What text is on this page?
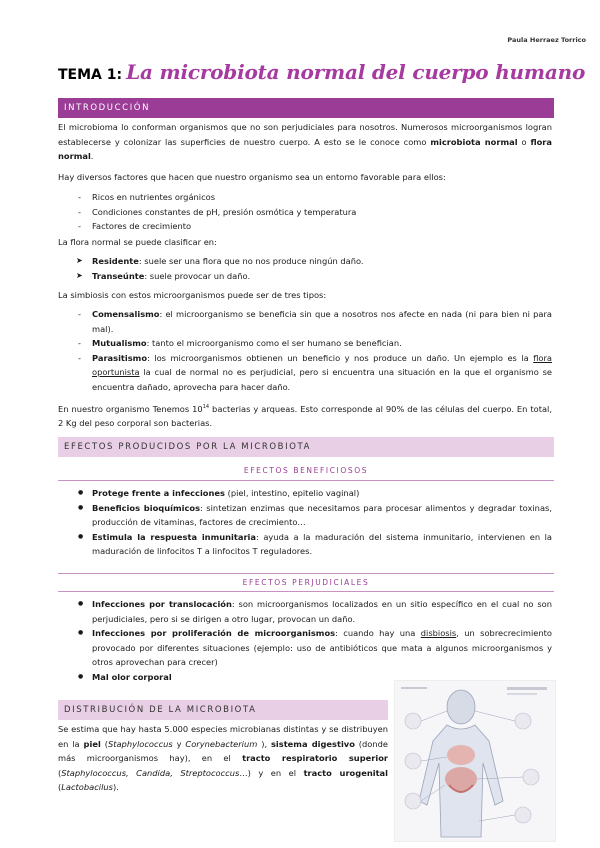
Paula Herraez Torrico
TEMA 1: La microbiota normal del cuerpo humano
INTRODUCCIÓN
El microbioma lo conforman organismos que no son perjudiciales para nosotros. Numerosos microorganismos logran establecerse y colonizar las superficies de nuestro cuerpo. A esto se le conoce como microbiota normal o flora normal.
Hay diversos factores que hacen que nuestro organismo sea un entorno favorable para ellos:
- Ricos en nutrientes orgánicos
- Condiciones constantes de pH, presión osmótica y temperatura
- Factores de crecimiento
La flora normal se puede clasificar en:
➤ Residente: suele ser una flora que no nos produce ningún daño.
➤ Transeúnte: suele provocar un daño.
La simbiosis con estos microorganismos puede ser de tres tipos:
- Comensalismo: el microorganismo se beneficia sin que a nosotros nos afecte en nada (ni para bien ni para mal).
- Mutualismo: tanto el microorganismo como el ser humano se benefician.
- Parasitismo: los microorganismos obtienen un beneficio y nos produce un daño. Un ejemplo es la flora oportunista la cual de normal no es perjudicial, pero si encuentra una situación en la que el organismo se encuentra dañado, aprovecha para hacer daño.
En nuestro organismo Tenemos $10^{14}$ bacterias y arqueas. Esto corresponde al 90% de las células del cuerpo. En total, 2 Kg del peso corporal son bacterias.
EFECTOS PRODUCIDOS POR LA MICROBIOTA
EFECTOS BENEFICIOSOS
● Protege frente a infecciones (piel, intestino, epitelio vaginal)
● Beneficios bioquímicos: sintetizan enzimas que necesitamos para procesar alimentos y degradar toxinas, producción de vitaminas, factores de crecimiento…
● Estimula la respuesta inmunitaria: ayuda a la maduración del sistema inmunitario, intervienen en la maduración de linfocitos T a linfocitos T reguladores.
EFECTOS PERJUDICIALES
● Infecciones por translocación: son microorganismos localizados en un sitio específico en el cual no son perjudiciales, pero si se dirigen a otro lugar, provocan un daño.
● Infecciones por proliferación de microorganismos: cuando hay una disbiosis, un sobrecrecimiento provocado por diferentes situaciones (ejemplo: uso de antibióticos que mata a algunos microorganismos y otros aprovechan para crecer)
● Mal olor corporal
DISTRIBUCIÓN DE LA MICROBIOTA
Se estima que hay hasta 5.000 especies microbianas distintas y se distribuyen en la piel (Staphylococcus y Corynebacterium ), sistema digestivo (donde más microorganismos hay), en el tracto respiratorio superior (Staphylococcus, Candida, Streptococcus…) y en el tracto urogenital (Lactobacilus).
